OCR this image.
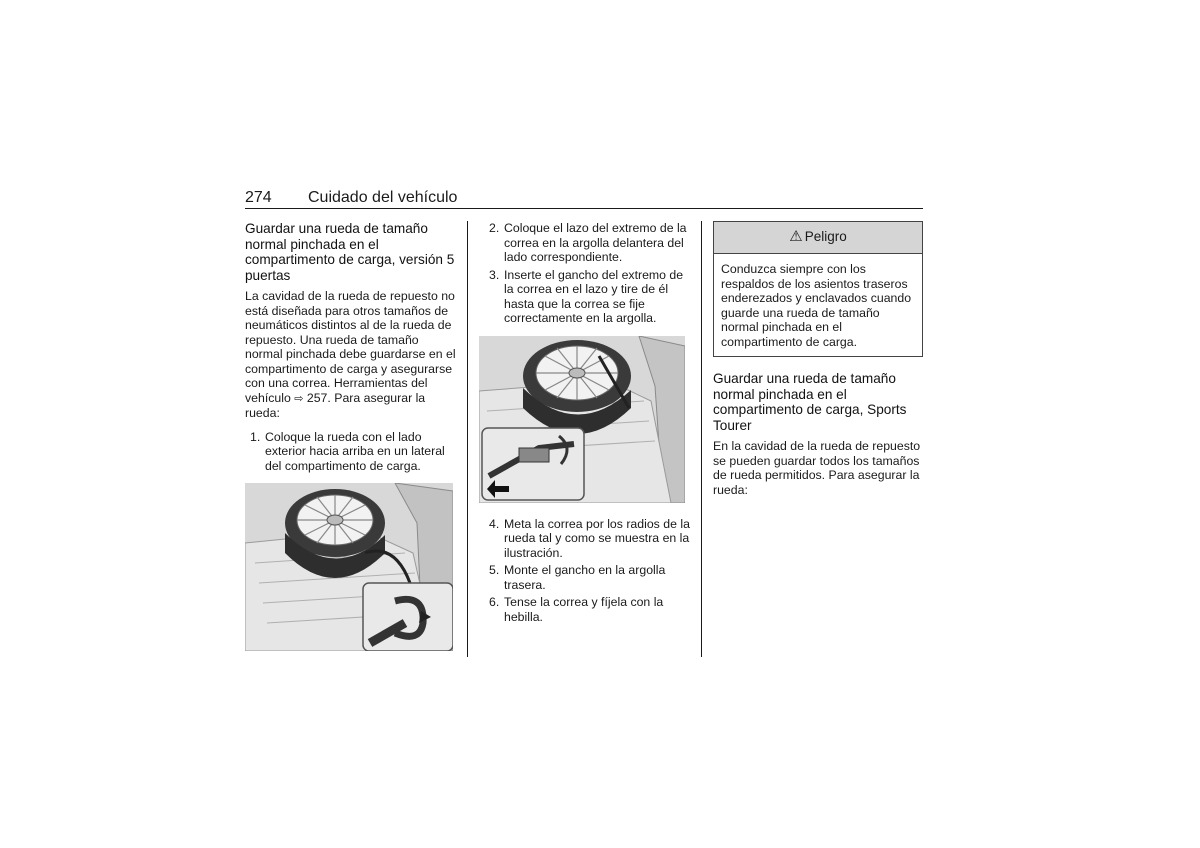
274 Cuidado del vehículo
Guardar una rueda de tamaño normal pinchada en el compartimento de carga, versión 5 puertas

La cavidad de la rueda de repuesto no está diseñada para otros tamaños de neumáticos distintos al de la rueda de repuesto. Una rueda de tamaño normal pinchada debe guardarse en el compartimento de carga y asegurarse con una correa. Herramientas del vehículo ⇨ 257. Para asegurar la rueda:

1. Coloque la rueda con el lado exterior hacia arriba en un lateral del compartimento de carga.
2. Coloque el lazo del extremo de la correa en la argolla delantera del lado correspondiente.
3. Inserte el gancho del extremo de la correa en el lazo y tire de él hasta que la correa se fije correctamente en la argolla.
4. Meta la correa por los radios de la rueda tal y como se muestra en la ilustración.
5. Monte el gancho en la argolla trasera.
6. Tense la correa y fíjela con la hebilla.
⚠ Peligro
Conduzca siempre con los respaldos de los asientos traseros enderezados y enclavados cuando guarde una rueda de tamaño normal pinchada en el compartimento de carga.
Guardar una rueda de tamaño normal pinchada en el compartimento de carga, Sports Tourer

En la cavidad de la rueda de repuesto se pueden guardar todos los tamaños de rueda permitidos. Para asegurar la rueda:
